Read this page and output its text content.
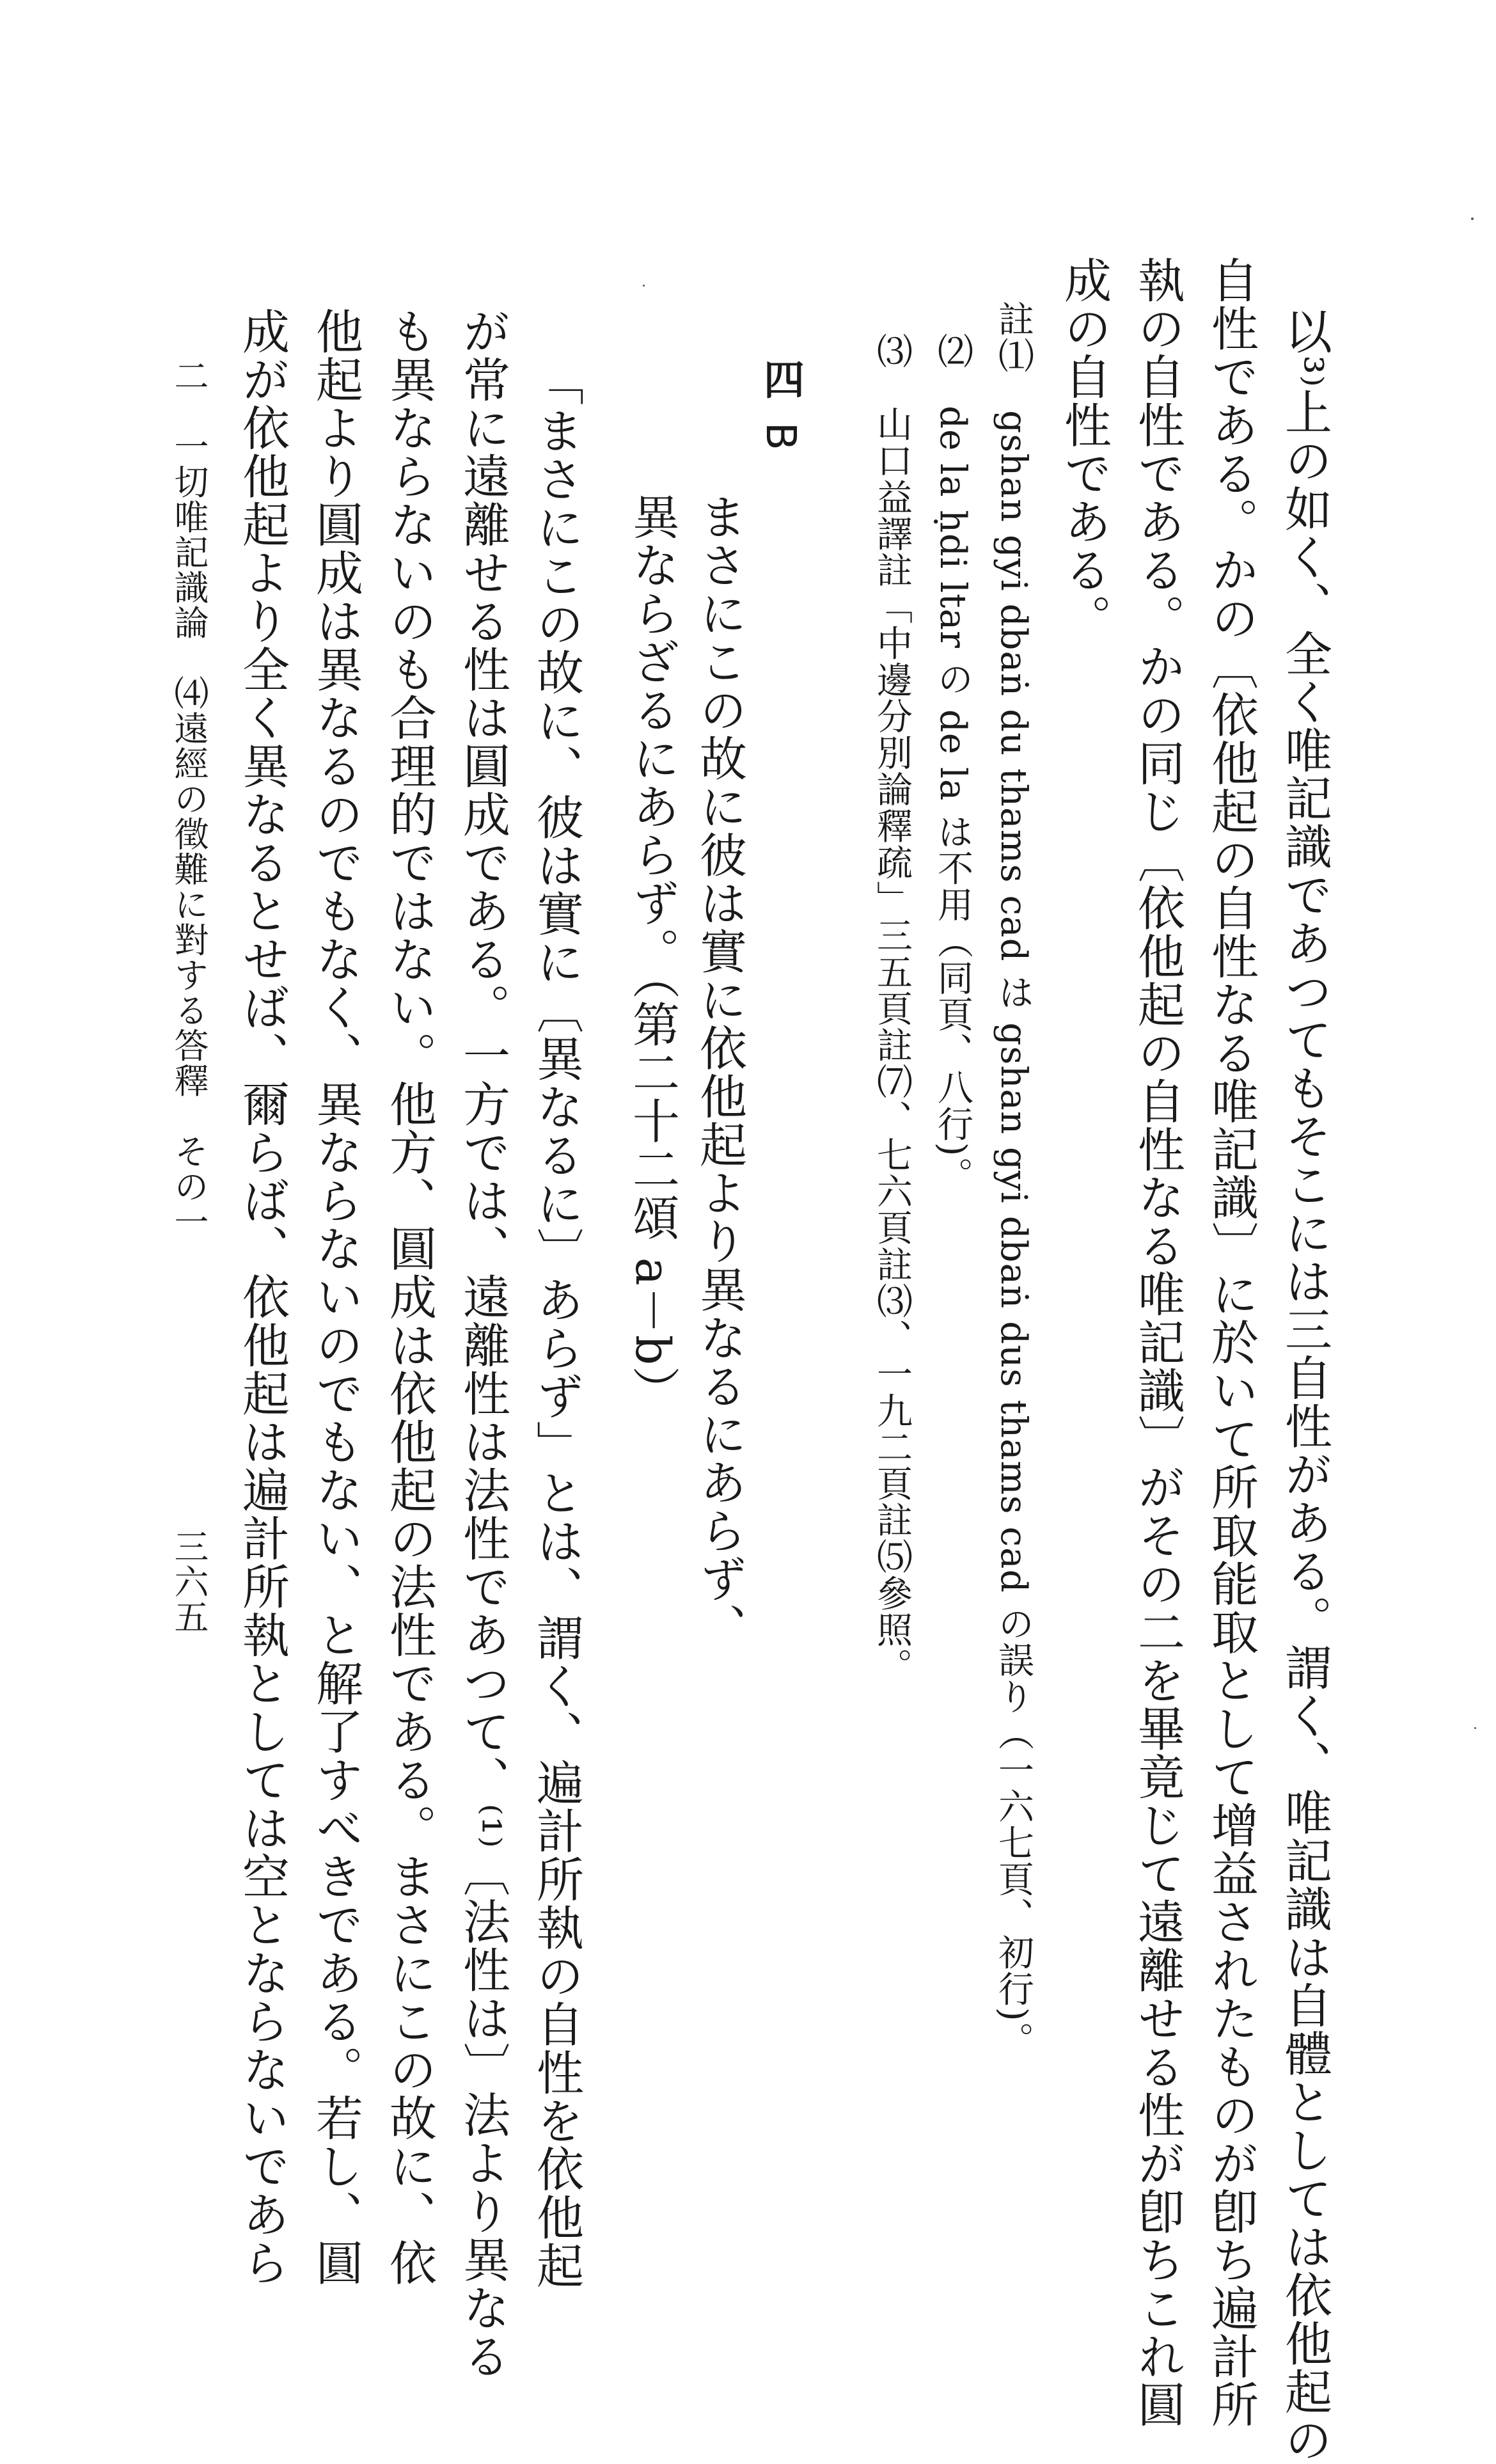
以³⁾上の如く、全く唯記識であつてもそこには三自性がある。謂く、唯記識は自體としては依他起の
自性である。かの〔依他起の自性なる唯記識〕に於いて所取能取として增益されたものが卽ち遍計所
執の自性である。かの同じ〔依他起の自性なる唯記識〕がその二を畢竟じて遠離せる性が卽ちこれ圓
成の自性である。
註⑴　gshan gyi dbaṅ du thams cad は gshan gyi dbaṅ dus thams cad の誤り（一六七頁、初行)。
⑵　de la ḥdi ltar の de la は不用（同頁、八行)。
⑶　山口益譯註「中邊分別論釋疏」三五頁註⑺、七六頁註⑶、一九二頁註⑸參照。
四
B
まさにこの故に彼は實に依他起より異なるにあらず、
異ならざるにあらず。（第二十二頌 a－b）
「まさにこの故に、彼は實に〔異なるに〕あらず」とは、謂く、遍計所執の自性を依他起
が常に遠離せる性は圓成である。一方では、遠離性は法性であつて、⁽¹⁾〔法性は〕法より異なる
も異ならないのも合理的ではない。他方、圓成は依他起の法性である。まさにこの故に、依
他起より圓成は異なるのでもなく、異ならないのでもない、と解了すべきである。若し、圓
成が依他起より全く異なるとせば、爾らば、依他起は遍計所執としては空とならないであら
二　一切唯記識論　⑷遠經の徵難に對する答釋　その一
三六五
